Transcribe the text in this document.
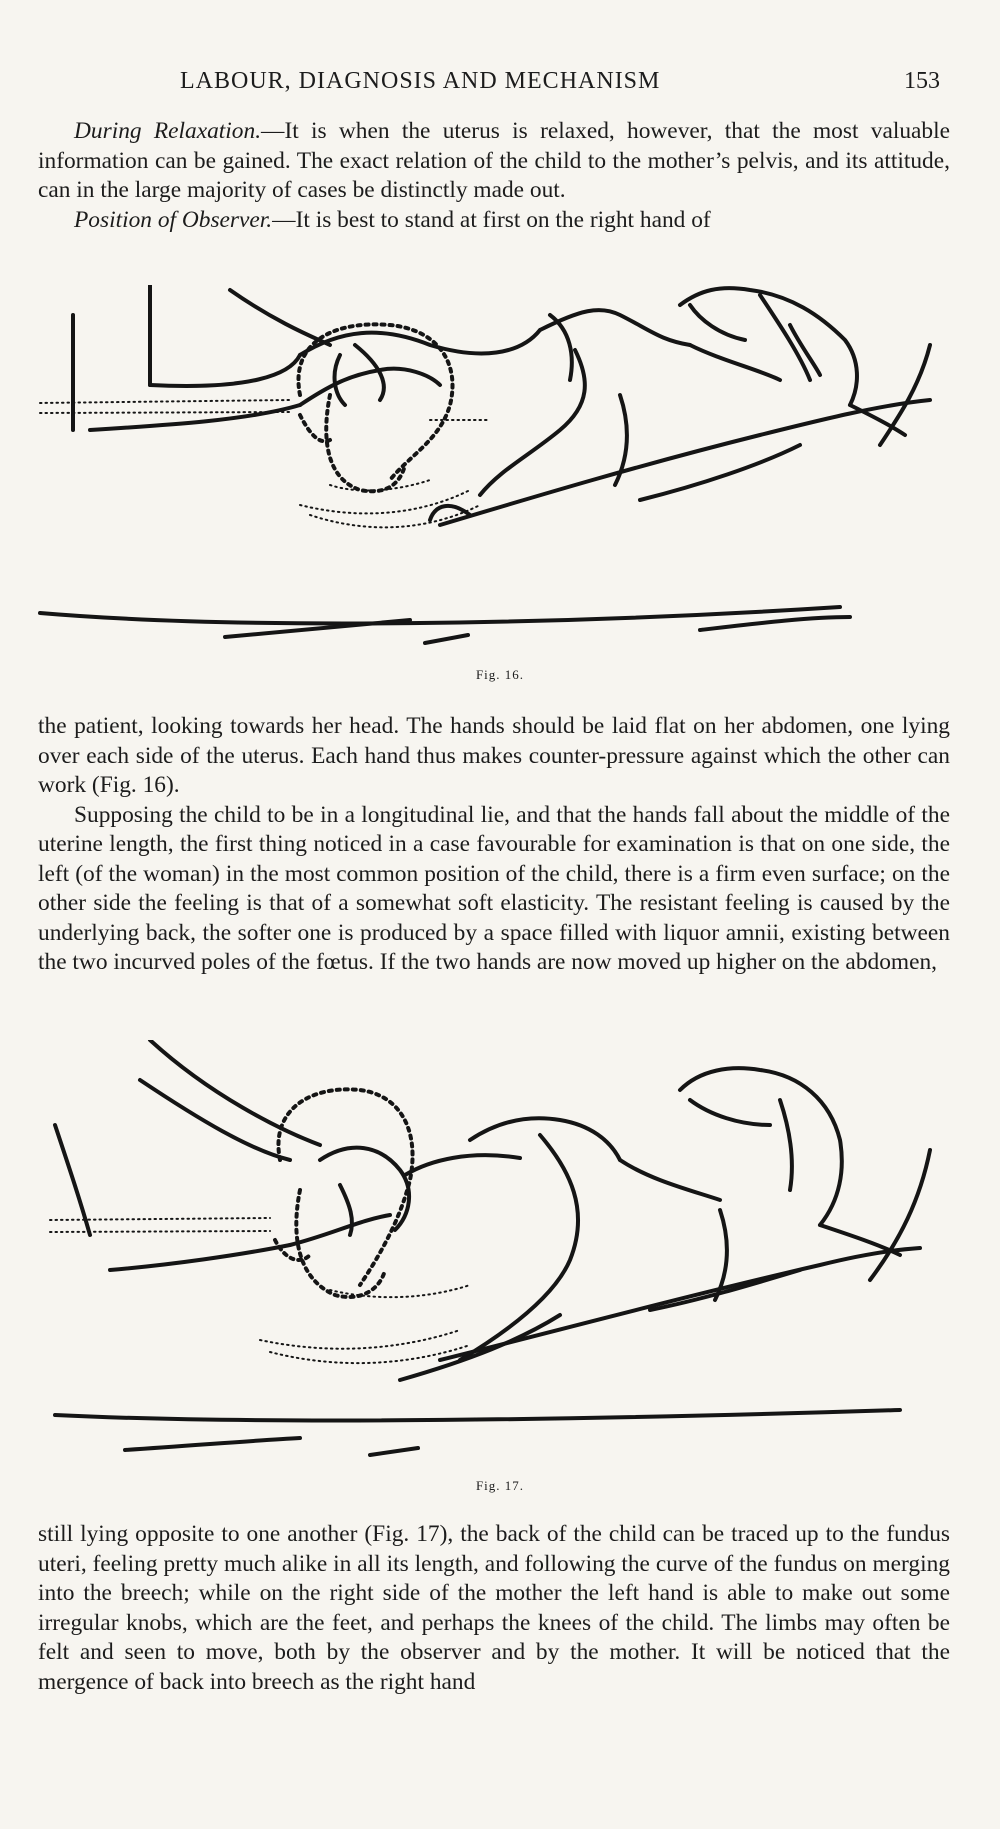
LABOUR, DIAGNOSIS AND MECHANISM	153

During Relaxation.—It is when the uterus is relaxed, however, that the most valuable information can be gained. The exact relation of the child to the mother’s pelvis, and its attitude, can in the large majority of cases be distinctly made out.

Position of Observer.—It is best to stand at first on the right hand of

Fig. 16.

the patient, looking towards her head. The hands should be laid flat on her abdomen, one lying over each side of the uterus. Each hand thus makes counter-pressure against which the other can work (Fig. 16).

Supposing the child to be in a longitudinal lie, and that the hands fall about the middle of the uterine length, the first thing noticed in a case favourable for examination is that on one side, the left (of the woman) in the most common position of the child, there is a firm even surface; on the other side the feeling is that of a somewhat soft elasticity. The resistant feeling is caused by the underlying back, the softer one is produced by a space filled with liquor amnii, existing between the two incurved poles of the fœtus. If the two hands are now moved up higher on the abdomen,

Fig. 17.

still lying opposite to one another (Fig. 17), the back of the child can be traced up to the fundus uteri, feeling pretty much alike in all its length, and following the curve of the fundus on merging into the breech; while on the right side of the mother the left hand is able to make out some irregular knobs, which are the feet, and perhaps the knees of the child. The limbs may often be felt and seen to move, both by the observer and by the mother. It will be noticed that the mergence of back into breech as the right hand
